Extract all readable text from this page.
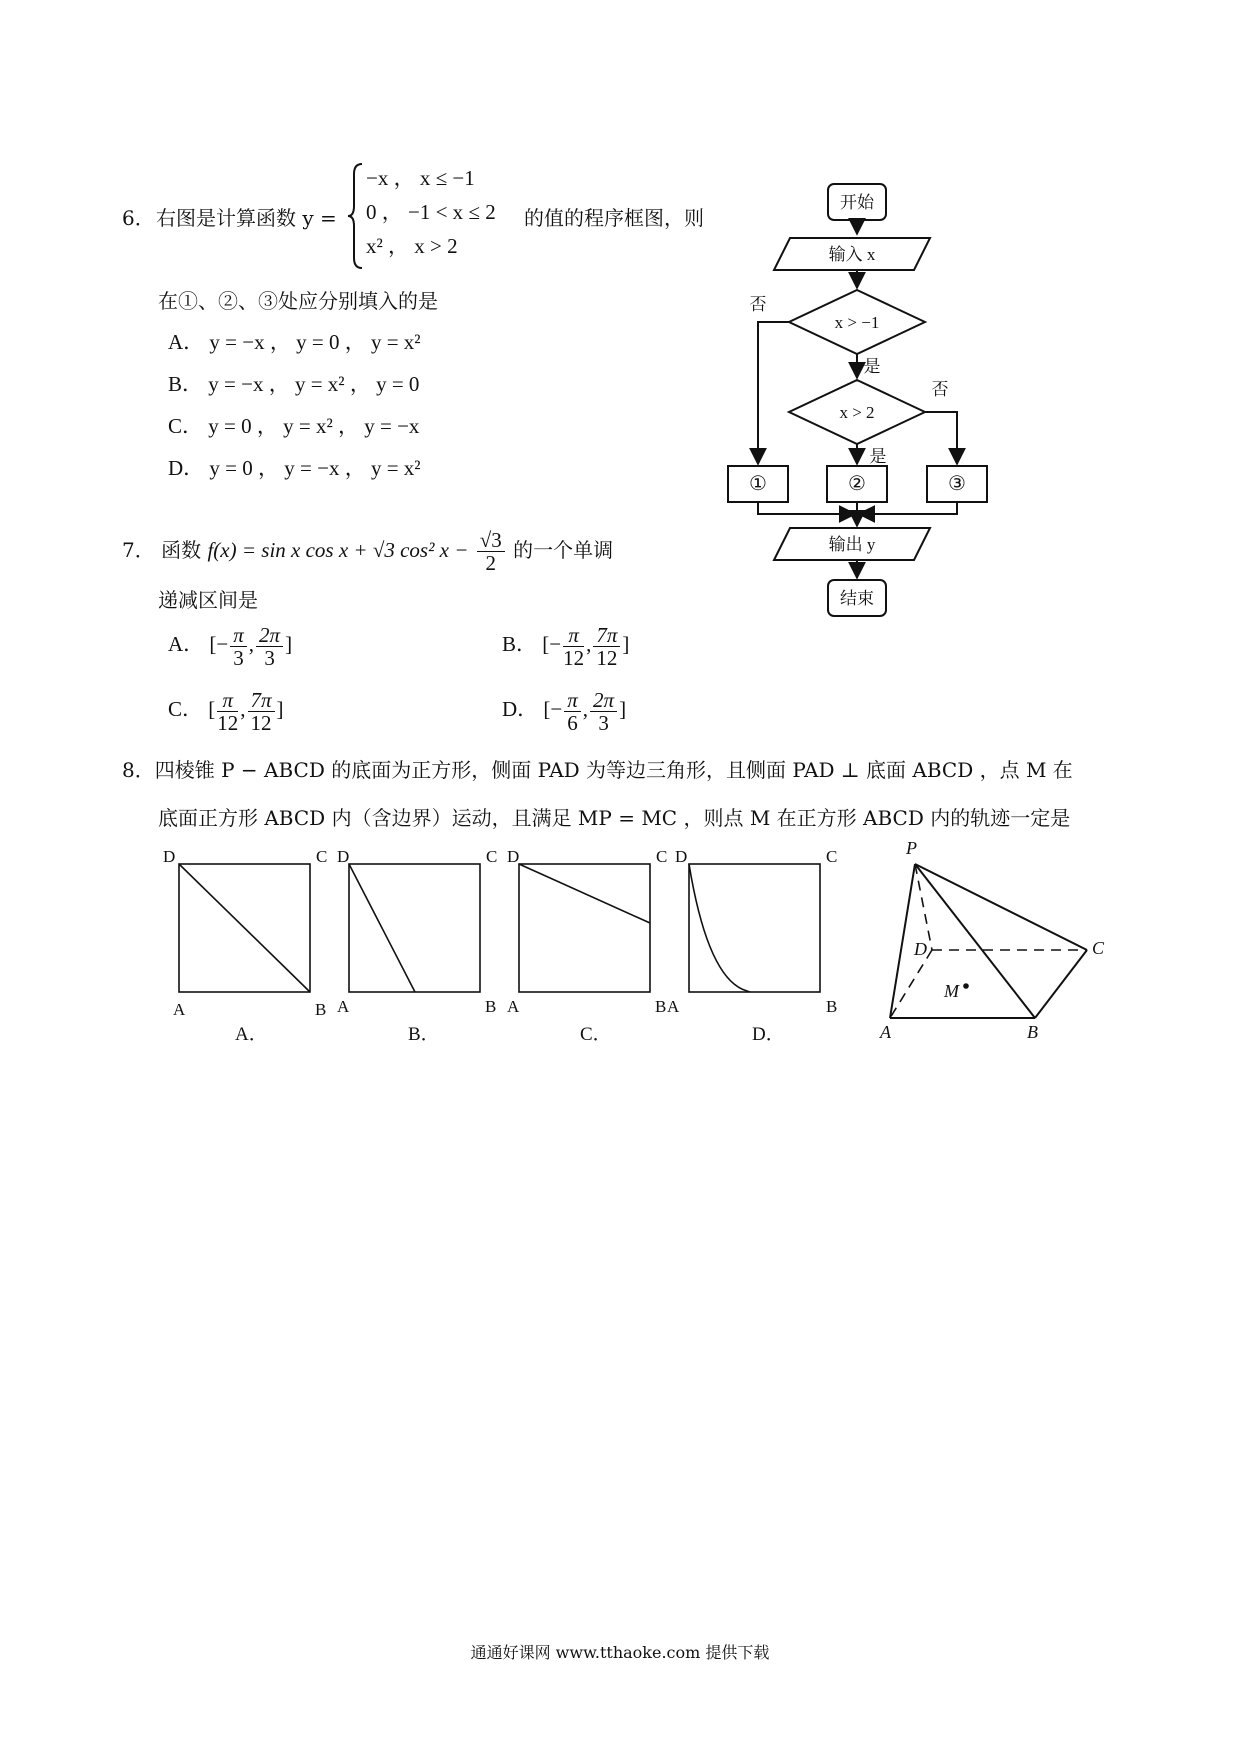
6． 右图是计算函数 y =
−x ， x ≤ −1
0 ， −1 < x ≤ 2
x² ， x > 2
的值的程序框图，则
在①、②、③处应分别填入的是
A． y = −x ， y = 0 ， y = x²
B． y = −x ， y = x² ， y = 0
C． y = 0 ， y = x² ， y = −x
D． y = 0 ， y = −x ， y = x²
开始
输入 x
x > −1
x > 2
否
是
否
是
①	②	③
输出 y
结束
7． 函数 f(x) = sin x cos x + √3 cos² $x - \frac{√3}{2}$ 的一个单调
递减区间是
A． [− $\frac{\pi}{3}$ , $\frac{2\pi}{3}$ ]	B． [− $\frac{\pi}{12}$ , $\frac{7\pi}{12}$ ]
C． [ $\frac{\pi}{12}$ , $\frac{7\pi}{12}$ ]	D． [− $\frac{\pi}{6}$ , $\frac{2\pi}{3}$ ]
8．四棱锥 P − ABCD 的底面为正方形，侧面 PAD 为等边三角形，且侧面 PAD ⊥ 底面 ABCD ，点 M 在
底面正方形 ABCD 内（含边界）运动，且满足 MP = MC ，则点 M 在正方形 ABCD 内的轨迹一定是
D	C
A	B
D	C
A	B
D	C
A	B
D	C
A	B
A．	B．	C．	D．
P
D	C
A	B
M
通通好课网 www.tthaoke.com 提供下载
